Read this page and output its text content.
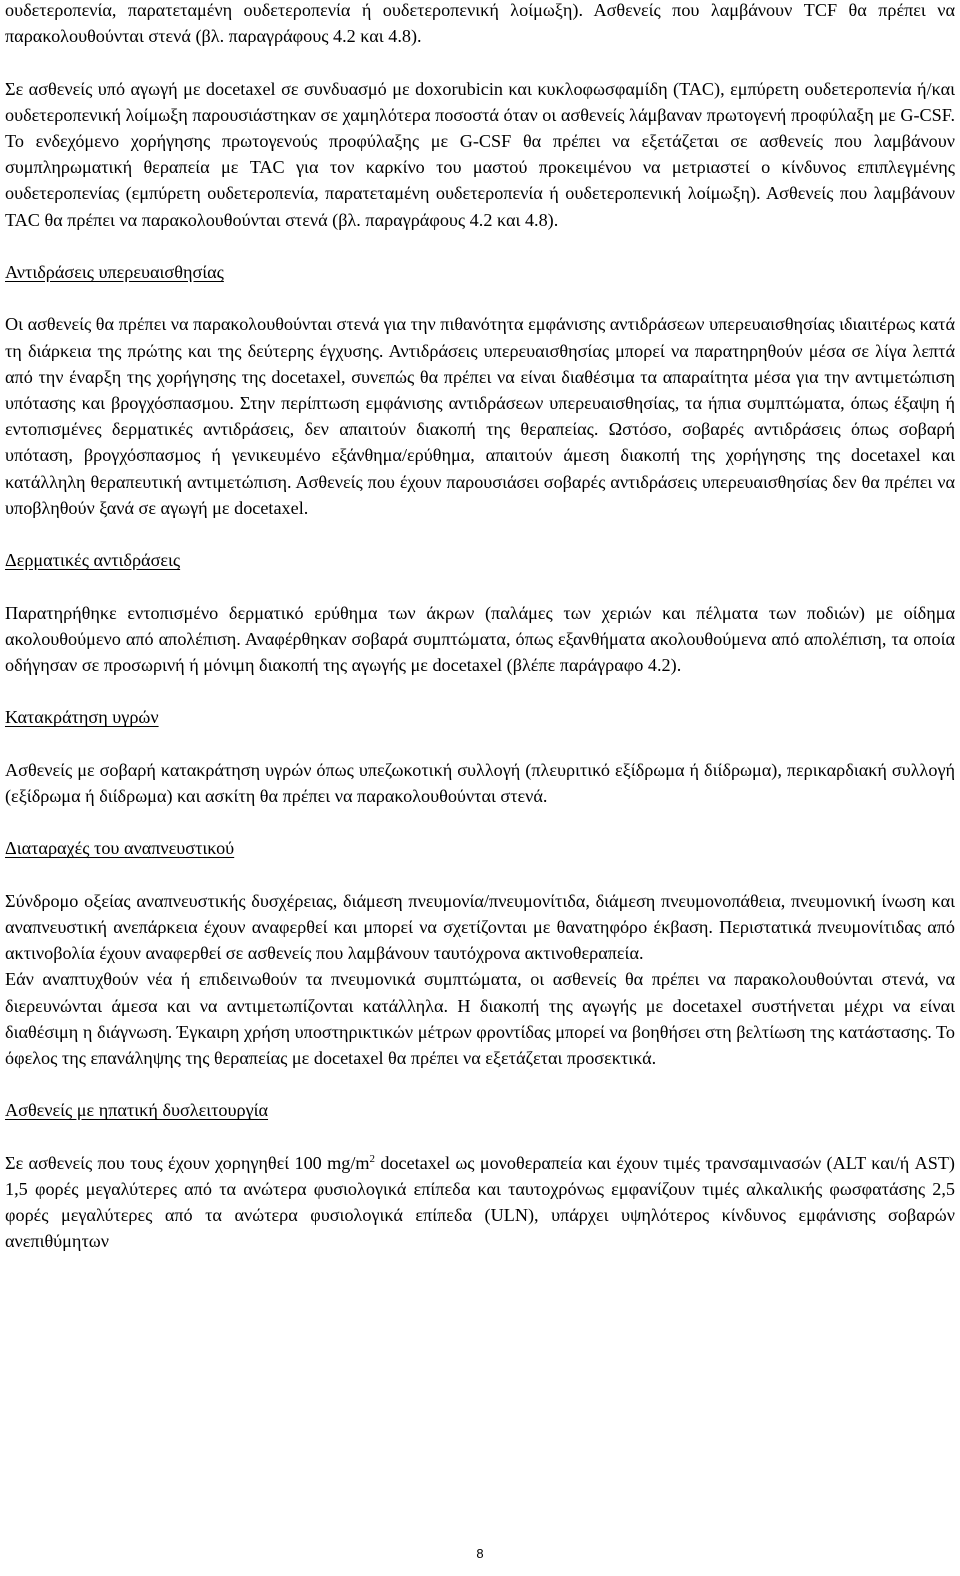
ουδετεροπενία, παρατεταμένη ουδετεροπενία ή ουδετεροπενική λοίμωξη). Ασθενείς που λαμβάνουν TCF θα πρέπει να παρακολουθούνται στενά (βλ. παραγράφους 4.2 και 4.8).

Σε ασθενείς υπό αγωγή με docetaxel σε συνδυασμό με doxorubicin και κυκλοφωσφαμίδη (TAC), εμπύρετη ουδετεροπενία ή/και ουδετεροπενική λοίμωξη παρουσιάστηκαν σε χαμηλότερα ποσοστά όταν οι ασθενείς λάμβαναν πρωτογενή προφύλαξη με G-CSF. Το ενδεχόμενο χορήγησης πρωτογενούς προφύλαξης με G-CSF θα πρέπει να εξετάζεται σε ασθενείς που λαμβάνουν συμπληρωματική θεραπεία με TAC για τον καρκίνο του μαστού προκειμένου να μετριαστεί ο κίνδυνος επιπλεγμένης ουδετεροπενίας (εμπύρετη ουδετεροπενία, παρατεταμένη ουδετεροπενία ή ουδετεροπενική λοίμωξη). Ασθενείς που λαμβάνουν TAC θα πρέπει να παρακολουθούνται στενά (βλ. παραγράφους 4.2 και 4.8).

Αντιδράσεις υπερευαισθησίας

Οι ασθενείς θα πρέπει να παρακολουθούνται στενά για την πιθανότητα εμφάνισης αντιδράσεων υπερευαισθησίας ιδιαιτέρως κατά τη διάρκεια της πρώτης και της δεύτερης έγχυσης. Αντιδράσεις υπερευαισθησίας μπορεί να παρατηρηθούν μέσα σε λίγα λεπτά από την έναρξη της χορήγησης της docetaxel, συνεπώς θα πρέπει να είναι διαθέσιμα τα απαραίτητα μέσα για την αντιμετώπιση υπότασης και βρογχόσπασμου. Στην περίπτωση εμφάνισης αντιδράσεων υπερευαισθησίας, τα ήπια συμπτώματα, όπως έξαψη ή εντοπισμένες δερματικές αντιδράσεις, δεν απαιτούν διακοπή της θεραπείας. Ωστόσο, σοβαρές αντιδράσεις όπως σοβαρή υπόταση, βρογχόσπασμος ή γενικευμένο εξάνθημα/ερύθημα, απαιτούν άμεση διακοπή της χορήγησης της docetaxel και κατάλληλη θεραπευτική αντιμετώπιση. Ασθενείς που έχουν παρουσιάσει σοβαρές αντιδράσεις υπερευαισθησίας δεν θα πρέπει να υποβληθούν ξανά σε αγωγή με docetaxel.

Δερματικές αντιδράσεις

Παρατηρήθηκε εντοπισμένο δερματικό ερύθημα των άκρων (παλάμες των χεριών και πέλματα των ποδιών) με οίδημα ακολουθούμενο από απολέπιση. Αναφέρθηκαν σοβαρά συμπτώματα, όπως εξανθήματα ακολουθούμενα από απολέπιση, τα οποία οδήγησαν σε προσωρινή ή μόνιμη διακοπή της αγωγής με docetaxel (βλέπε παράγραφο 4.2).

Κατακράτηση υγρών

Ασθενείς με σοβαρή κατακράτηση υγρών όπως υπεζωκοτική συλλογή (πλευριτικό εξίδρωμα ή διίδρωμα), περικαρδιακή συλλογή (εξίδρωμα ή διίδρωμα) και ασκίτη θα πρέπει να παρακολουθούνται στενά.

Διαταραχές του αναπνευστικού

Σύνδρομο οξείας αναπνευστικής δυσχέρειας, διάμεση πνευμονία/πνευμονίτιδα, διάμεση πνευμονοπάθεια, πνευμονική ίνωση και αναπνευστική ανεπάρκεια έχουν αναφερθεί και μπορεί να σχετίζονται με θανατηφόρο έκβαση. Περιστατικά πνευμονίτιδας από ακτινοβολία έχουν αναφερθεί σε ασθενείς που λαμβάνουν ταυτόχρονα ακτινοθεραπεία.

Εάν αναπτυχθούν νέα ή επιδεινωθούν τα πνευμονικά συμπτώματα, οι ασθενείς θα πρέπει να παρακολουθούνται στενά, να διερευνώνται άμεσα και να αντιμετωπίζονται κατάλληλα. Η διακοπή της αγωγής με docetaxel συστήνεται μέχρι να είναι διαθέσιμη η διάγνωση. Έγκαιρη χρήση υποστηρικτικών μέτρων φροντίδας μπορεί να βοηθήσει στη βελτίωση της κατάστασης. Το όφελος της επανάληψης της θεραπείας με docetaxel θα πρέπει να εξετάζεται προσεκτικά.

Ασθενείς με ηπατική δυσλειτουργία

Σε ασθενείς που τους έχουν χορηγηθεί 100 $mg/m^2$ docetaxel ως μονοθεραπεία και έχουν τιμές τρανσαμινασών (ALT και/ή AST) 1,5 φορές μεγαλύτερες από τα ανώτερα φυσιολογικά επίπεδα και ταυτοχρόνως εμφανίζουν τιμές αλκαλικής φωσφατάσης 2,5 φορές μεγαλύτερες από τα ανώτερα φυσιολογικά επίπεδα (ULN), υπάρχει υψηλότερος κίνδυνος εμφάνισης σοβαρών ανεπιθύμητων

8
